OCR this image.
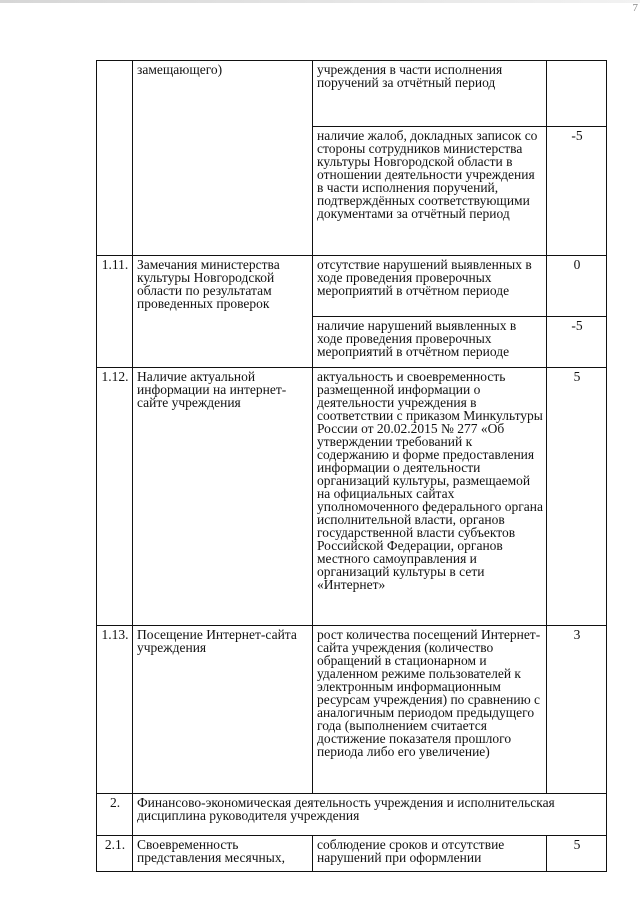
7
	замещающего)	учреждения в части исполнения поручений за отчётный период	
		наличие жалоб, докладных записок со стороны сотрудников министерства культуры Новгородской области в отношении деятельности учреждения в части исполнения поручений, подтверждённых соответствующими документами за отчётный период	-5
1.11.	Замечания министерства культуры Новгородской области по результатам проведенных проверок	отсутствие нарушений выявленных в ходе проведения проверочных мероприятий в отчётном периоде	0
		наличие нарушений выявленных в ходе проведения проверочных мероприятий в отчётном периоде	-5
1.12.	Наличие актуальной информации на интернет-сайте учреждения	актуальность и своевременность размещенной информации о деятельности учреждения в соответствии с приказом Минкультуры России от 20.02.2015 № 277 «Об утверждении требований к содержанию и форме предоставления информации о деятельности организаций культуры, размещаемой на официальных сайтах уполномоченного федерального органа исполнительной власти, органов государственной власти субъектов Российской Федерации, органов местного самоуправления и организаций культуры в сети «Интернет»	5
1.13.	Посещение Интернет-сайта учреждения	рост количества посещений Интернет-сайта учреждения (количество обращений в стационарном и удаленном режиме пользователей к электронным информационным ресурсам учреждения) по сравнению с аналогичным периодом предыдущего года (выполнением считается достижение показателя прошлого периода либо его увеличение)	3
2.	Финансово-экономическая деятельность учреждения и исполнительская дисциплина руководителя учреждения		
2.1.	Своевременность представления месячных,	соблюдение сроков и отсутствие нарушений при оформлении	5
